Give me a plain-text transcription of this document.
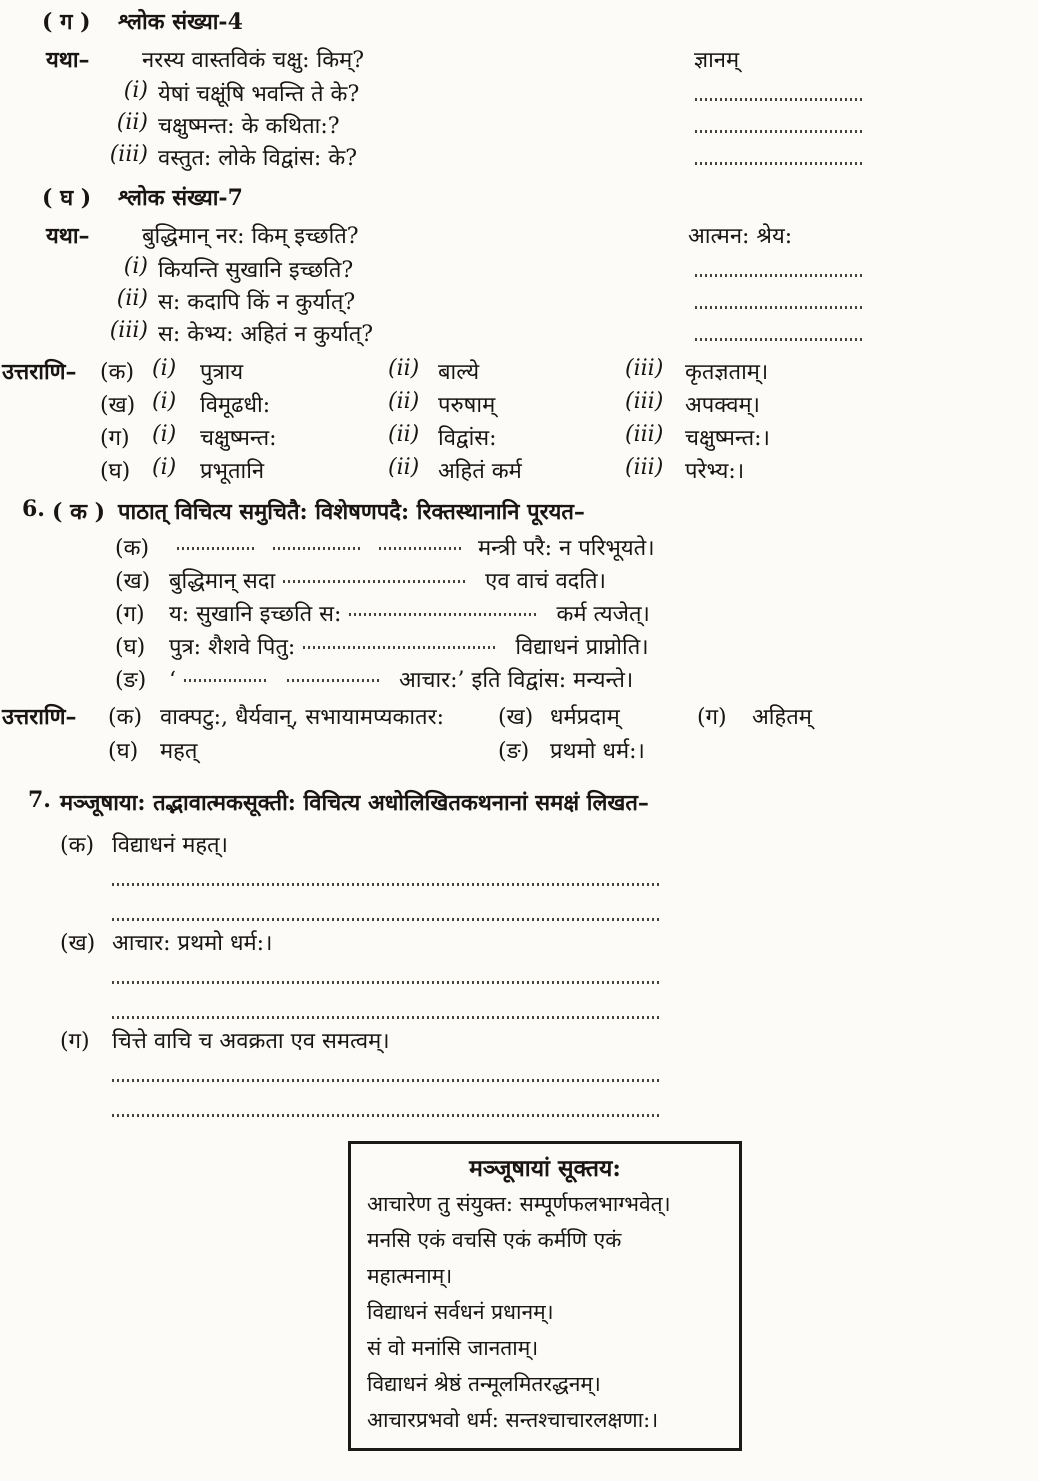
( ग ) श्लोक संख्या-4
यथा– नरस्य वास्तविकं चक्षु: किम्?	ज्ञानम्
(i) येषां चक्षूंषि भवन्ति ते के?
(ii) चक्षुष्मन्त: के कथिता:?
(iii) वस्तुत: लोके विद्वांस: के?
( घ ) श्लोक संख्या-7
यथा– बुद्धिमान् नर: किम् इच्छति?	आत्मन: श्रेय:
(i) कियन्ति सुखानि इच्छति?
(ii) स: कदापि किं न कुर्यात्?
(iii) स: केभ्य: अहितं न कुर्यात्?
उत्तराणि– (क) (i) पुत्राय	(ii) बाल्ये	(iii) कृतज्ञताम्।
(ख) (i) विमूढधी:	(ii) परुषाम्	(iii) अपक्वम्।
(ग) (i) चक्षुष्मन्त:	(ii) विद्वांस:	(iii) चक्षुष्मन्त:।
(घ) (i) प्रभूतानि	(ii) अहितं कर्म	(iii) परेभ्य:।
6. ( क ) पाठात् विचित्य समुचितै: विशेषणपदै: रिक्तस्थानानि पूरयत–
(क)	मन्त्री परै: न परिभूयते।
(ख) बुद्धिमान् सदा	एव वाचं वदति।
(ग) य: सुखानि इच्छति स:	कर्म त्यजेत्।
(घ) पुत्र: शैशवे पितु:	विद्याधनं प्राप्नोति।
(ङ) ‘	आचार:’ इति विद्वांस: मन्यन्ते।
उत्तराणि– (क) वाक्पटु:, धैर्यवान्, सभायामप्यकातर: (ख) धर्मप्रदाम्	(ग) अहितम्
(घ) महत्	(ङ) प्रथमो धर्म:।
7. मञ्जूषाया: तद्भावात्मकसूक्ती: विचित्य अधोलिखितकथनानां समक्षं लिखत–
(क) विद्याधनं महत्।
(ख) आचार: प्रथमो धर्म:।
(ग) चित्ते वाचि च अवक्रता एव समत्वम्।
मञ्जूषायां सूक्तय:
आचारेण तु संयुक्त: सम्पूर्णफलभाग्भवेत्।
मनसि एकं वचसि एकं कर्मणि एकं
महात्मनाम्।
विद्याधनं सर्वधनं प्रधानम्।
सं वो मनांसि जानताम्।
विद्याधनं श्रेष्ठं तन्मूलमितरद्धनम्।
आचारप्रभवो धर्म: सन्तश्चाचारलक्षणा:।
